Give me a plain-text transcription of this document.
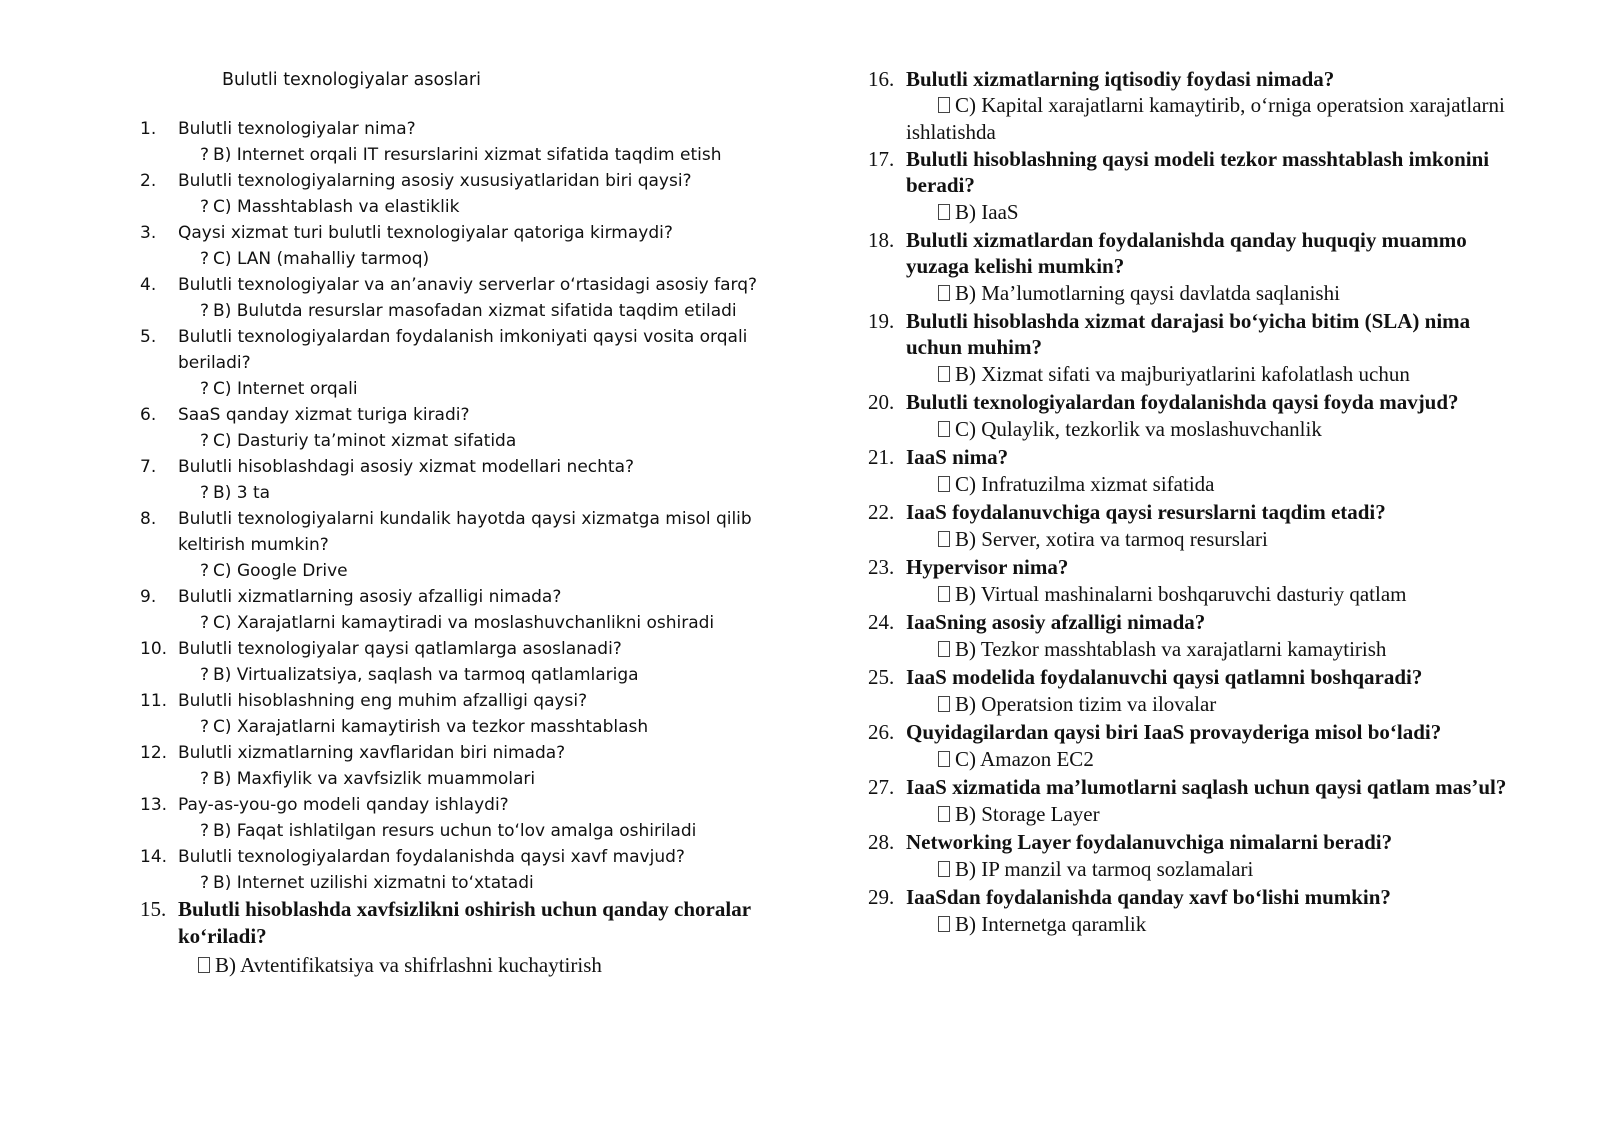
Bulutli texnologiyalar asoslari
1.	Bulutli texnologiyalar nima?
? B) Internet orqali IT resurslarini xizmat sifatida taqdim etish
2.	Bulutli texnologiyalarning asosiy xususiyatlaridan biri qaysi?
? C) Masshtablash va elastiklik
3.	Qaysi xizmat turi bulutli texnologiyalar qatoriga kirmaydi?
? C) LAN (mahalliy tarmoq)
4.	Bulutli texnologiyalar va an’anaviy serverlar o‘rtasidagi asosiy farq?
? B) Bulutda resurslar masofadan xizmat sifatida taqdim etiladi
5.	Bulutli texnologiyalardan foydalanish imkoniyati qaysi vosita orqali beriladi?
? C) Internet orqali
6.	SaaS qanday xizmat turiga kiradi?
? C) Dasturiy ta’minot xizmat sifatida
7.	Bulutli hisoblashdagi asosiy xizmat modellari nechta?
? B) 3 ta
8.	Bulutli texnologiyalarni kundalik hayotda qaysi xizmatga misol qilib keltirish mumkin?
? C) Google Drive
9.	Bulutli xizmatlarning asosiy afzalligi nimada?
? C) Xarajatlarni kamaytiradi va moslashuvchanlikni oshiradi
10. Bulutli texnologiyalar qaysi qatlamlarga asoslanadi?
? B) Virtualizatsiya, saqlash va tarmoq qatlamlariga
11. Bulutli hisoblashning eng muhim afzalligi qaysi?
? C) Xarajatlarni kamaytirish va tezkor masshtablash
12. Bulutli xizmatlarning xavflaridan biri nimada?
? B) Maxfiylik va xavfsizlik muammolari
13. Pay-as-you-go modeli qanday ishlaydi?
? B) Faqat ishlatilgan resurs uchun to‘lov amalga oshiriladi
14. Bulutli texnologiyalardan foydalanishda qaysi xavf mavjud?
? B) Internet uzilishi xizmatni to‘xtatadi
15. Bulutli hisoblashda xavfsizlikni oshirish uchun qanday choralar ko‘riladi?
B) Avtentifikatsiya va shifrlashni kuchaytirish
16. Bulutli xizmatlarning iqtisodiy foydasi nimada?
C) Kapital xarajatlarni kamaytirib, o‘rniga operatsion xarajatlarni ishlatishda
17. Bulutli hisoblashning qaysi modeli tezkor masshtablash imkonini beradi?
B) IaaS
18. Bulutli xizmatlardan foydalanishda qanday huquqiy muammo yuzaga kelishi mumkin?
B) Ma’lumotlarning qaysi davlatda saqlanishi
19. Bulutli hisoblashda xizmat darajasi bo‘yicha bitim (SLA) nima uchun muhim?
B) Xizmat sifati va majburiyatlarini kafolatlash uchun
20. Bulutli texnologiyalardan foydalanishda qaysi foyda mavjud?
C) Qulaylik, tezkorlik va moslashuvchanlik
21. IaaS nima?
C) Infratuzilma xizmat sifatida
22. IaaS foydalanuvchiga qaysi resurslarni taqdim etadi?
B) Server, xotira va tarmoq resurslari
23. Hypervisor nima?
B) Virtual mashinalarni boshqaruvchi dasturiy qatlam
24. IaaSning asosiy afzalligi nimada?
B) Tezkor masshtablash va xarajatlarni kamaytirish
25. IaaS modelida foydalanuvchi qaysi qatlamni boshqaradi?
B) Operatsion tizim va ilovalar
26. Quyidagilardan qaysi biri IaaS provayderiga misol bo‘ladi?
C) Amazon EC2
27. IaaS xizmatida ma’lumotlarni saqlash uchun qaysi qatlam mas’ul?
B) Storage Layer
28. Networking Layer foydalanuvchiga nimalarni beradi?
B) IP manzil va tarmoq sozlamalari
29. IaaSdan foydalanishda qanday xavf bo‘lishi mumkin?
B) Internetga qaramlik
